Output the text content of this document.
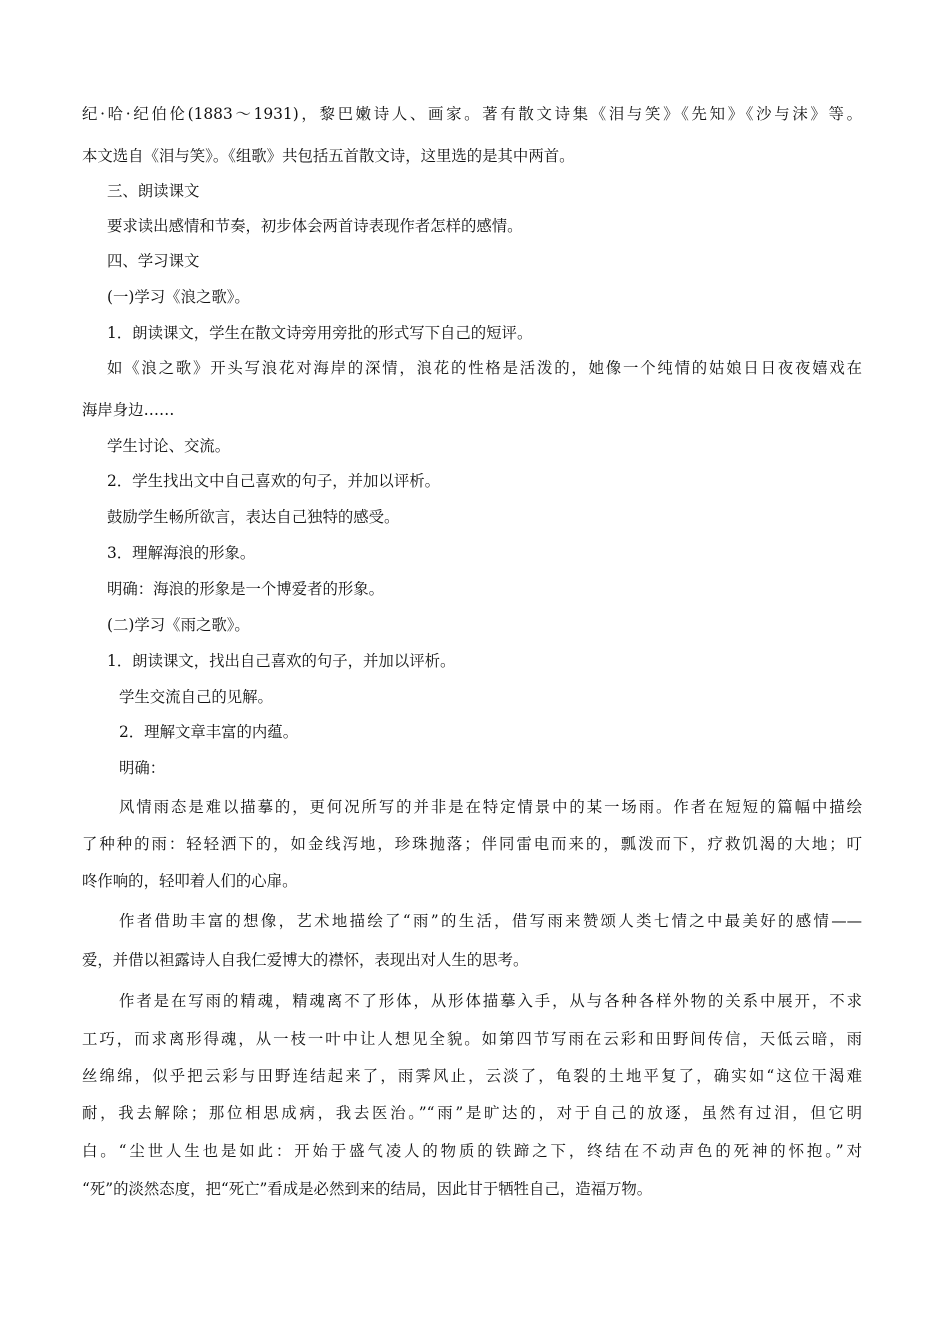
纪·哈·纪伯伦(1883～1931)，黎巴嫩诗人、画家。著有散文诗集《泪与笑》《先知》《沙与沫》等。

本文选自《泪与笑》。《组歌》共包括五首散文诗，这里选的是其中两首。

三、朗读课文

要求读出感情和节奏，初步体会两首诗表现作者怎样的感情。

四、学习课文

(一)学习《浪之歌》。

1．朗读课文，学生在散文诗旁用旁批的形式写下自己的短评。

如《浪之歌》开头写浪花对海岸的深情，浪花的性格是活泼的，她像一个纯情的姑娘日日夜夜嬉戏在

海岸身边……

学生讨论、交流。

2．学生找出文中自己喜欢的句子，并加以评析。

鼓励学生畅所欲言，表达自己独特的感受。

3．理解海浪的形象。

明确：海浪的形象是一个博爱者的形象。

(二)学习《雨之歌》。

1．朗读课文，找出自己喜欢的句子，并加以评析。

学生交流自己的见解。

2．理解文章丰富的内蕴。

明确：

风情雨态是难以描摹的，更何况所写的并非是在特定情景中的某一场雨。作者在短短的篇幅中描绘

了种种的雨：轻轻洒下的，如金线泻地，珍珠抛落；伴同雷电而来的，瓢泼而下，疗救饥渴的大地；叮

咚作响的，轻叩着人们的心扉。

作者借助丰富的想像，艺术地描绘了“雨”的生活，借写雨来赞颂人类七情之中最美好的感情——

爱，并借以袒露诗人自我仁爱博大的襟怀，表现出对人生的思考。

作者是在写雨的精魂，精魂离不了形体，从形体描摹入手，从与各种各样外物的关系中展开，不求

工巧，而求离形得魂，从一枝一叶中让人想见全貌。如第四节写雨在云彩和田野间传信，天低云暗，雨

丝绵绵，似乎把云彩与田野连结起来了，雨霁风止，云淡了，龟裂的土地平复了，确实如“这位干渴难

耐，我去解除；那位相思成病，我去医治。”“雨”是旷达的，对于自己的放逐，虽然有过泪，但它明

白。“尘世人生也是如此：开始于盛气凌人的物质的铁蹄之下，终结在不动声色的死神的怀抱。”对

“死”的淡然态度，把“死亡”看成是必然到来的结局，因此甘于牺牲自己，造福万物。
